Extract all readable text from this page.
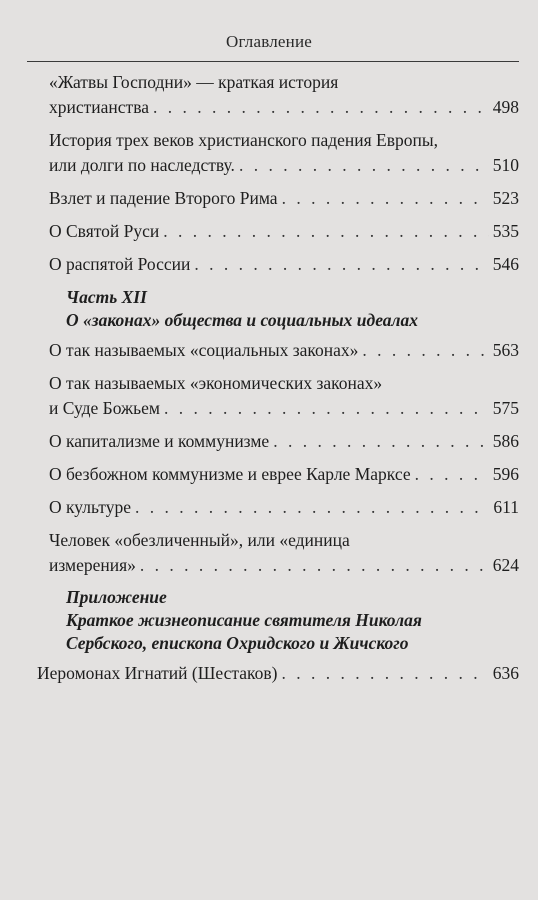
Оглавление
«Жатвы Господни» — краткая история
христианства . . .	498
История трех веков христианского падения Европы,
или долги по наследству. . . .	510
Взлет и падение Второго Рима . . .	523
О Святой Руси . . .	535
О распятой России . . .	546
Часть XII
О «законах» общества и социальных идеалах
О так называемых «социальных законах» . . .	563
О так называемых «экономических законах»
и Суде Божьем . . .	575
О капитализме и коммунизме . . .	586
О безбожном коммунизме и еврее Карле Марксе . . .	596
О культуре . . .	611
Человек «обезличенный», или «единица
измерения» . . .	624
Приложение
Краткое жизнеописание святителя Николая
Сербского, епископа Охридского и Жичского
Иеромонах Игнатий (Шестаков) . . .	636
